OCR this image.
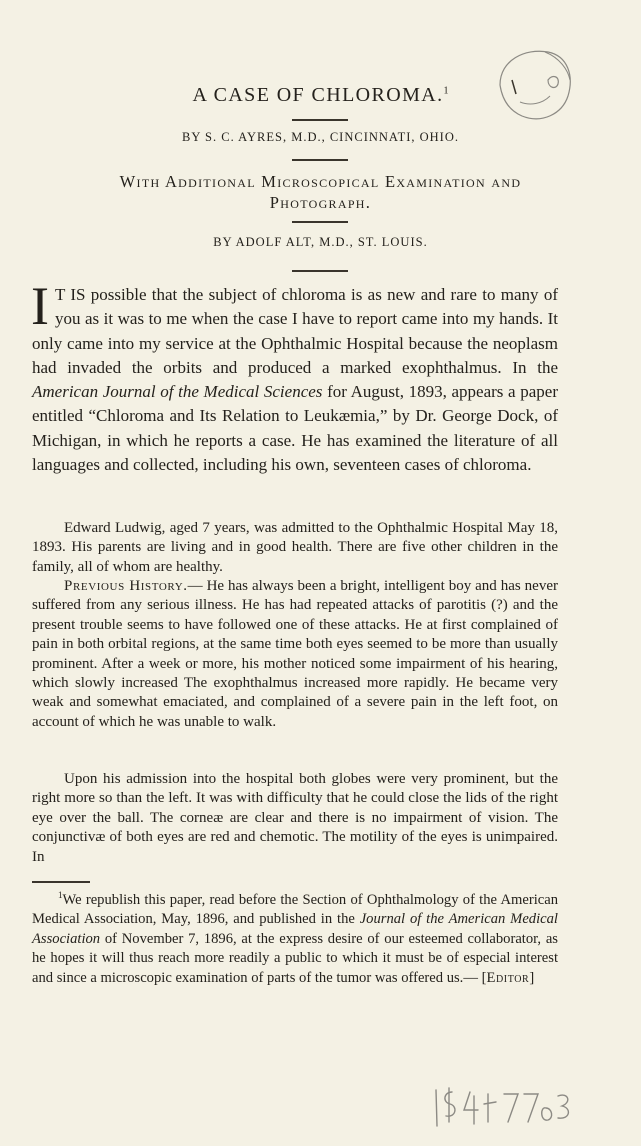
A CASE OF CHLOROMA.$^1$
BY S. C. AYRES, M.D., CINCINNATI, OHIO.
With Additional Microscopical Examination and
Photograph.
BY ADOLF ALT, M.D., ST. LOUIS.
I T IS possible that the subject of chloroma is as new and rare to many of you as it was to me when the case I have to report came into my hands. It only came into my service at the Ophthalmic Hospital because the neoplasm had invaded the orbits and produced a marked exophthalmus. In the American Journal of the Medical Sciences for August, 1893, appears a paper entitled “Chloroma and Its Relation to Leukæmia,” by Dr. George Dock, of Michigan, in which he reports a case. He has examined the literature of all languages and collected, including his own, seventeen cases of chloroma.
Edward Ludwig, aged 7 years, was admitted to the Ophthalmic Hospital May 18, 1893. His parents are living and in good health. There are five other children in the family, all of whom are healthy.
Previous History.— He has always been a bright, intelligent boy and has never suffered from any serious illness. He has had repeated attacks of parotitis (?) and the present trouble seems to have followed one of these attacks. He at first complained of pain in both orbital regions, at the same time both eyes seemed to be more than usually prominent. After a week or more, his mother noticed some impairment of his hearing, which slowly increased The exophthalmus increased more rapidly. He became very weak and somewhat emaciated, and complained of a severe pain in the left foot, on account of which he was unable to walk.
Upon his admission into the hospital both globes were very prominent, but the right more so than the left. It was with difficulty that he could close the lids of the right eye over the ball. The corneæ are clear and there is no impairment of vision. The conjunctivæ of both eyes are red and chemotic. The motility of the eyes is unimpaired. In
$^1$We republish this paper, read before the Section of Ophthalmology of the American Medical Association, May, 1896, and published in the Journal of the American Medical Association of November 7, 1896, at the express desire of our esteemed collaborator, as he hopes it will thus reach more readily a public to which it must be of especial interest and since a microscopic examination of parts of the tumor was offered us.— [Editor]
